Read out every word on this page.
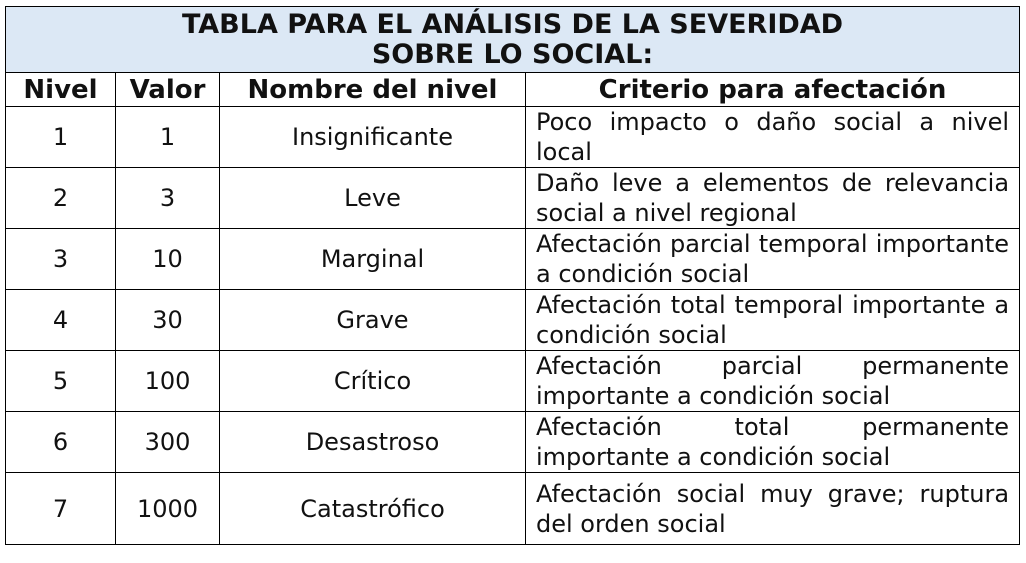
TABLA PARA EL ANÁLISIS DE LA SEVERIDAD
SOBRE LO SOCIAL:			

Nivel	Valor	Nombre del nivel	Criterio para afectación
1	1	Insignificante	Poco impacto o daño social a nivel local
2	3	Leve	Daño leve a elementos de relevancia social a nivel regional
3	10	Marginal	Afectación parcial temporal importante a condición social
4	30	Grave	Afectación total temporal importante a condición social
5	100	Crítico	Afectación parcial permanente importante a condición social
6	300	Desastroso	Afectación total permanente importante a condición social
7	1000	Catastrófico	Afectación social muy grave; ruptura del orden social
